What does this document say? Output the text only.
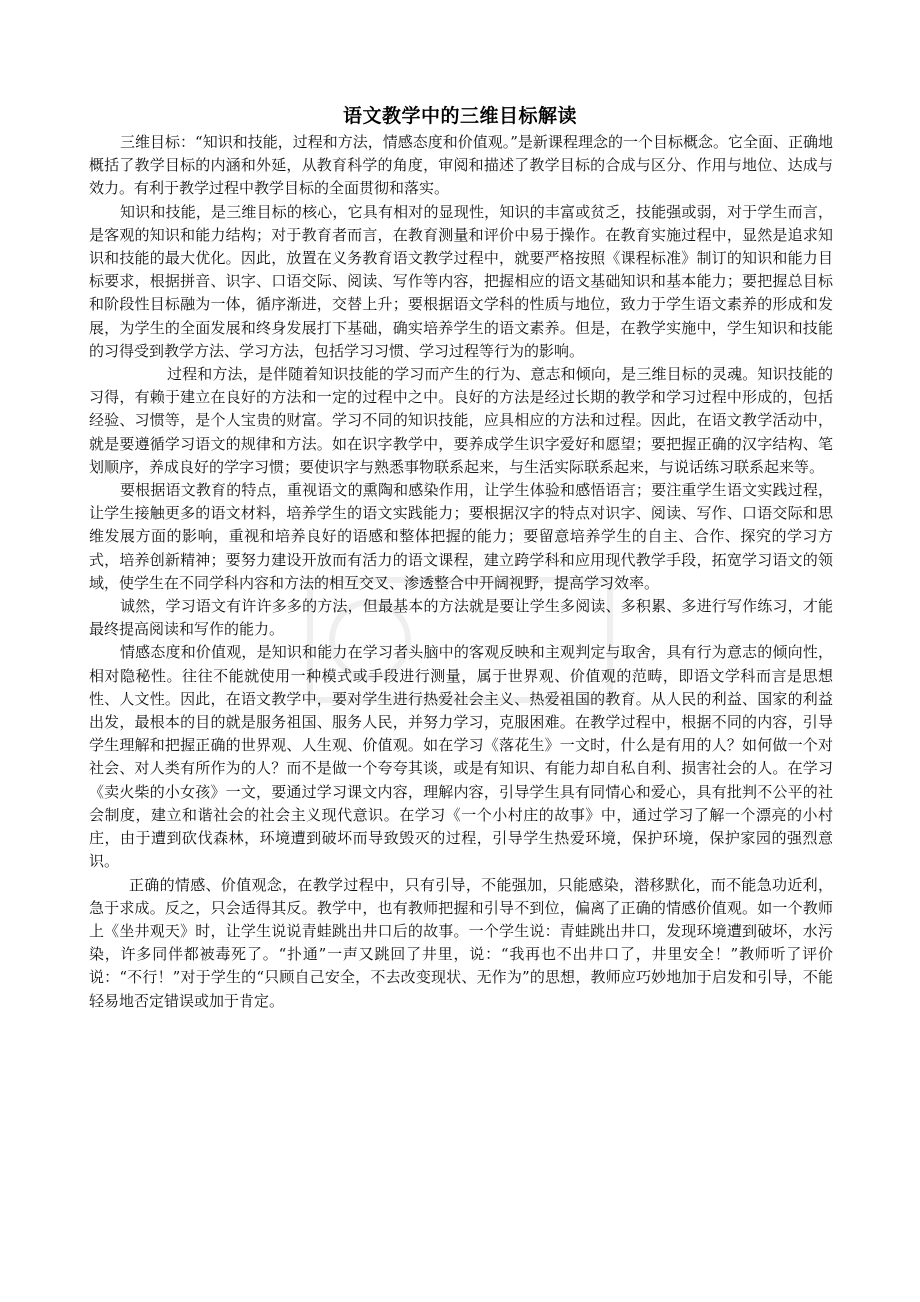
语文教学中的三维目标解读

三维目标：“知识和技能，过程和方法，情感态度和价值观。”是新课程理念的一个目标概念。它全面、正确地概括了教学目标的内涵和外延，从教育科学的角度，审阅和描述了教学目标的合成与区分、作用与地位、达成与效力。有利于教学过程中教学目标的全面贯彻和落实。

知识和技能，是三维目标的核心，它具有相对的显现性，知识的丰富或贫乏，技能强或弱，对于学生而言，是客观的知识和能力结构；对于教育者而言，在教育测量和评价中易于操作。在教育实施过程中，显然是追求知识和技能的最大优化。因此，放置在义务教育语文教学过程中，就要严格按照《课程标准》制订的知识和能力目标要求，根据拼音、识字、口语交际、阅读、写作等内容，把握相应的语文基础知识和基本能力；要把握总目标和阶段性目标融为一体，循序渐进，交替上升；要根据语文学科的性质与地位，致力于学生语文素养的形成和发展，为学生的全面发展和终身发展打下基础，确实培养学生的语文素养。但是，在教学实施中，学生知识和技能的习得受到教学方法、学习方法，包括学习习惯、学习过程等行为的影响。

过程和方法，是伴随着知识技能的学习而产生的行为、意志和倾向，是三维目标的灵魂。知识技能的习得，有赖于建立在良好的方法和一定的过程中之中。良好的方法是经过长期的教学和学习过程中形成的，包括经验、习惯等，是个人宝贵的财富。学习不同的知识技能，应具相应的方法和过程。因此，在语文教学活动中，就是要遵循学习语文的规律和方法。如在识字教学中，要养成学生识字爱好和愿望；要把握正确的汉字结构、笔划顺序，养成良好的学字习惯；要使识字与熟悉事物联系起来，与生活实际联系起来，与说话练习联系起来等。

要根据语文教育的特点，重视语文的熏陶和感染作用，让学生体验和感悟语言；要注重学生语文实践过程，让学生接触更多的语文材料，培养学生的语文实践能力；要根据汉字的特点对识字、阅读、写作、口语交际和思维发展方面的影响，重视和培养良好的语感和整体把握的能力；要留意培养学生的自主、合作、探究的学习方式，培养创新精神；要努力建设开放而有活力的语文课程，建立跨学科和应用现代教学手段，拓宽学习语文的领域，使学生在不同学科内容和方法的相互交叉、渗透整合中开阔视野，提高学习效率。

诚然，学习语文有许许多多的方法，但最基本的方法就是要让学生多阅读、多积累、多进行写作练习，才能最终提高阅读和写作的能力。

情感态度和价值观，是知识和能力在学习者头脑中的客观反映和主观判定与取舍，具有行为意志的倾向性，相对隐秘性。往往不能就使用一种模式或手段进行测量，属于世界观、价值观的范畴，即语文学科而言是思想性、人文性。因此，在语文教学中，要对学生进行热爱社会主义、热爱祖国的教育。从人民的利益、国家的利益出发，最根本的目的就是服务祖国、服务人民，并努力学习，克服困难。在教学过程中，根据不同的内容，引导学生理解和把握正确的世界观、人生观、价值观。如在学习《落花生》一文时，什么是有用的人？如何做一个对社会、对人类有所作为的人？而不是做一个夸夸其谈，或是有知识、有能力却自私自利、损害社会的人。在学习《卖火柴的小女孩》一文，要通过学习课文内容，理解内容，引导学生具有同情心和爱心，具有批判不公平的社会制度，建立和谐社会的社会主义现代意识。在学习《一个小村庄的故事》中，通过学习了解一个漂亮的小村庄，由于遭到砍伐森林，环境遭到破坏而导致毁灭的过程，引导学生热爱环境，保护环境，保护家园的强烈意识。

正确的情感、价值观念，在教学过程中，只有引导，不能强加，只能感染，潜移默化，而不能急功近利，急于求成。反之，只会适得其反。教学中，也有教师把握和引导不到位，偏离了正确的情感价值观。如一个教师上《坐井观天》时，让学生说说青蛙跳出井口后的故事。一个学生说：青蛙跳出井口，发现环境遭到破坏，水污染，许多同伴都被毒死了。“扑通”一声又跳回了井里，说：“我再也不出井口了，井里安全！”教师听了评价说：“不行！”对于学生的“只顾自己安全，不去改变现状、无作为”的思想，教师应巧妙地加于启发和引导，不能轻易地否定错误或加于肯定。
